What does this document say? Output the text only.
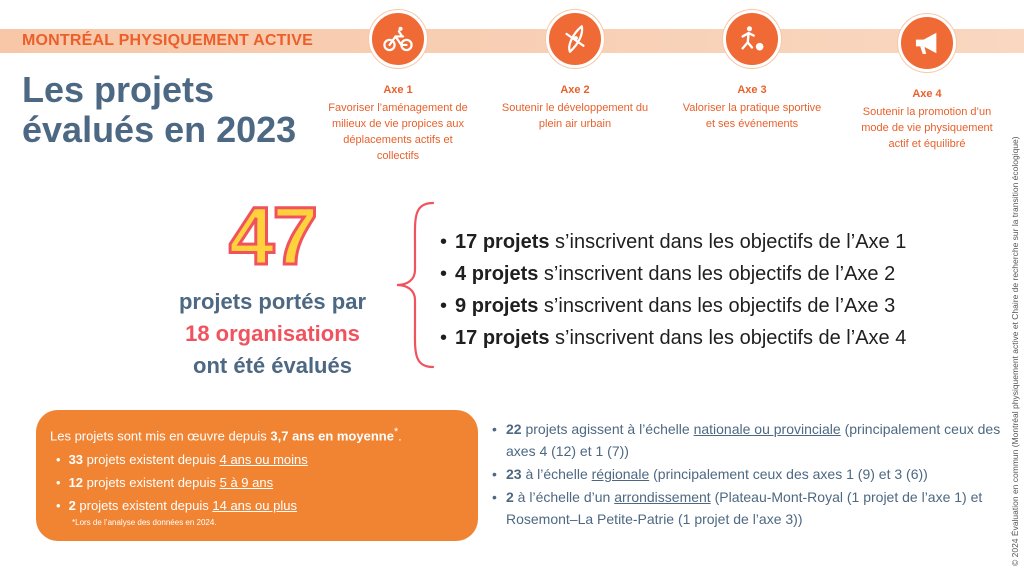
MONTRÉAL PHYSIQUEMENT ACTIVE
Les projets
évalués en 2023
Axe 1
Favoriser l’aménagement de milieux de vie propices aux déplacements actifs et collectifs
Axe 2
Soutenir le développement du plein air urbain
Axe 3
Valoriser la pratique sportive et ses événements
Axe 4
Soutenir la promotion d’un mode de vie physiquement actif et équilibré
47
projets portés par
18 organisations
ont été évalués
• 17 projets s’inscrivent dans les objectifs de l’Axe 1
• 4 projets s’inscrivent dans les objectifs de l’Axe 2
• 9 projets s’inscrivent dans les objectifs de l’Axe 3
• 17 projets s’inscrivent dans les objectifs de l’Axe 4
Les projets sont mis en œuvre depuis 3,7 ans en moyenne*.
• 33 projets existent depuis 4 ans ou moins
• 12 projets existent depuis 5 à 9 ans
• 2 projets existent depuis 14 ans ou plus
*Lors de l’analyse des données en 2024.
• 22 projets agissent à l’échelle nationale ou provinciale (principalement ceux des axes 4 (12) et 1 (7))
• 23 à l’échelle régionale (principalement ceux des axes 1 (9) et 3 (6))
• 2 à l’échelle d’un arrondissement (Plateau-Mont-Royal (1 projet de l’axe 1) et Rosemont–La Petite-Patrie (1 projet de l’axe 3))	© 2024 Évaluation en commun (Montréal physiquement active et Chaire de recherche sur la transition écologique)
